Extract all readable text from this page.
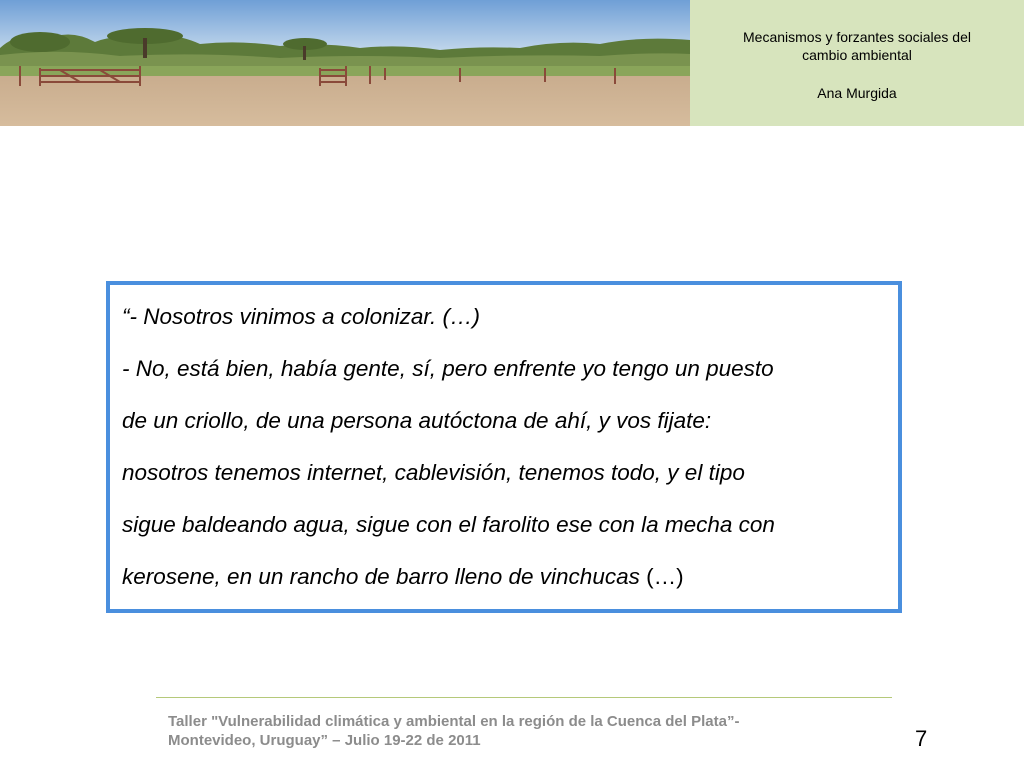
Mecanismos y forzantes sociales del
cambio ambiental
Ana Murgida

“- Nosotros vinimos a colonizar. (…)

- No, está bien, había gente, sí, pero enfrente yo tengo un puesto

de un criollo, de una persona autóctona de ahí, y vos fijate:

nosotros tenemos internet, cablevisión, tenemos todo, y el tipo

sigue baldeando agua, sigue con el farolito ese con la mecha con

kerosene, en un rancho de barro lleno de vinchucas (…)

Taller "Vulnerabilidad climática y ambiental en la región de la Cuenca del Plata”-
Montevideo, Uruguay” – Julio 19-22 de 2011	7
